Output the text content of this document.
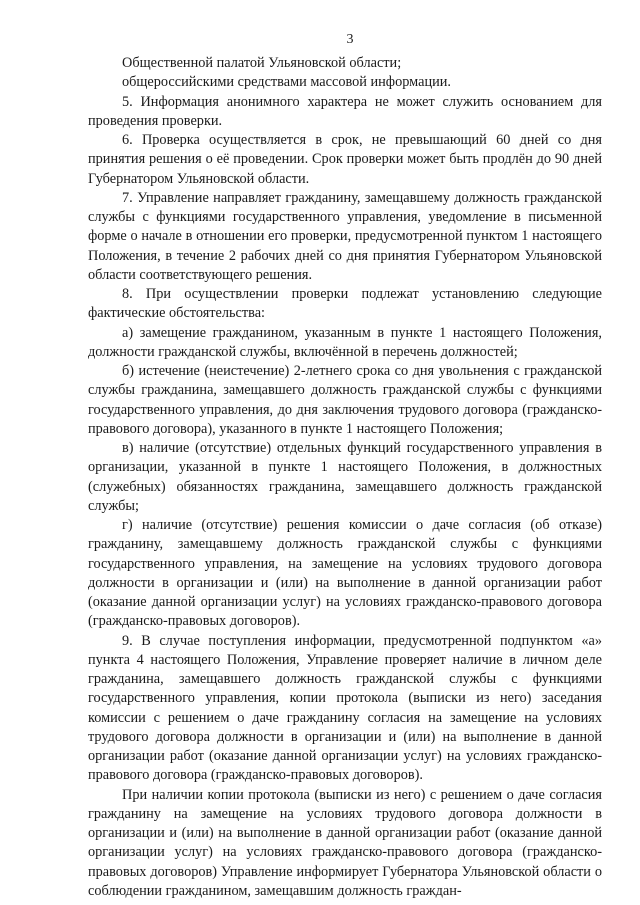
3

Общественной палатой Ульяновской области;

общероссийскими средствами массовой информации.

5. Информация анонимного характера не может служить основанием для проведения проверки.

6. Проверка осуществляется в срок, не превышающий 60 дней со дня принятия решения о её проведении. Срок проверки может быть продлён до 90 дней Губернатором Ульяновской области.

7. Управление направляет гражданину, замещавшему должность гражданской службы с функциями государственного управления, уведомление в письменной форме о начале в отношении его проверки, предусмотренной пунктом 1 настоящего Положения, в течение 2 рабочих дней со дня принятия Губернатором Ульяновской области соответствующего решения.

8. При осуществлении проверки подлежат установлению следующие фактические обстоятельства:

а) замещение гражданином, указанным в пункте 1 настоящего Положения, должности гражданской службы, включённой в перечень должностей;

б) истечение (неистечение) 2-летнего срока со дня увольнения с гражданской службы гражданина, замещавшего должность гражданской службы с функциями государственного управления, до дня заключения трудового договора (гражданско-правового договора), указанного в пункте 1 настоящего Положения;

в) наличие (отсутствие) отдельных функций государственного управления в организации, указанной в пункте 1 настоящего Положения, в должностных (служебных) обязанностях гражданина, замещавшего должность гражданской службы;

г) наличие (отсутствие) решения комиссии о даче согласия (об отказе) гражданину, замещавшему должность гражданской службы с функциями государственного управления, на замещение на условиях трудового договора должности в организации и (или) на выполнение в данной организации работ (оказание данной организации услуг) на условиях гражданско-правового договора (гражданско-правовых договоров).

9. В случае поступления информации, предусмотренной подпунктом «а» пункта 4 настоящего Положения, Управление проверяет наличие в личном деле гражданина, замещавшего должность гражданской службы с функциями государственного управления, копии протокола (выписки из него) заседания комиссии с решением о даче гражданину согласия на замещение на условиях трудового договора должности в организации и (или) на выполнение в данной организации работ (оказание данной организации услуг) на условиях гражданско-правового договора (гражданско-правовых договоров).

При наличии копии протокола (выписки из него) с решением о даче согласия гражданину на замещение на условиях трудового договора должности в организации и (или) на выполнение в данной организации работ (оказание данной организации услуг) на условиях гражданско-правового договора (гражданско-правовых договоров) Управление информирует Губернатора Ульяновской области о соблюдении гражданином, замещавшим должность граждан-
